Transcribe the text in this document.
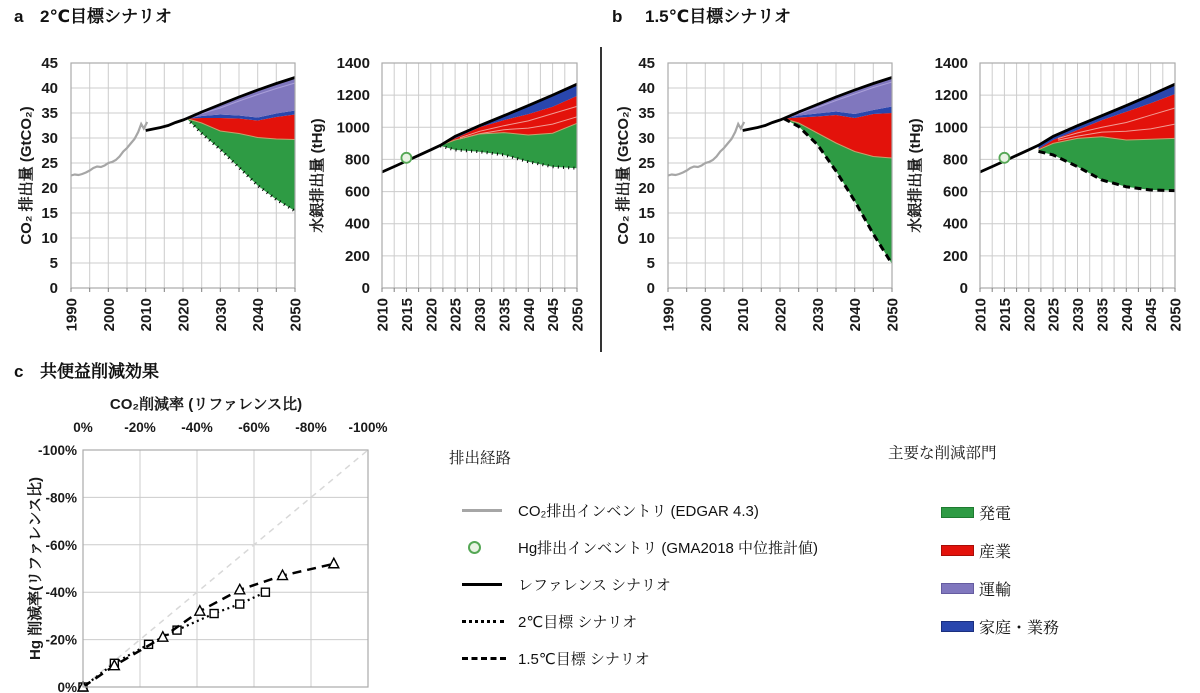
1990 2000 2010 2020 2030 2040 2050
0
5
10
15
20
25
30
35
40
45
CO₂ 排出量 (GtCO₂)
2010 2015 2020 2025 2030 2035 2040 2045 2050
0
200
400
600
800
1000
1200
1400
水銀排出量 (tHg)
1990 2000 2010 2020 2030 2040 2050
0
5
10
15
20
25
30
35
40
45
CO₂ 排出量 (GtCO₂)
2010 2015 2020 2025 2030 2035 2040 2045 2050
0
200
400
600
800
1000
1200
1400
水銀排出量 (tHg)
0% -20% -40% -60% -80% -100%
0%
-20%
-40%
-60%
-80%
-100%
Hg 削減率(リファレンス比)
CO₂削減率 (リファレンス比)
a 2℃目標シナリオ	b	1.5℃目標シナリオ
c 共便益削減効果
排出経路
CO₂排出インベントリ (EDGAR 4.3)
Hg排出インベントリ (GMA2018 中位推計値)
レファレンス シナリオ
2℃目標 シナリオ
1.5℃目標 シナリオ
主要な削減部門
発電
産業
運輸
家庭・業務
